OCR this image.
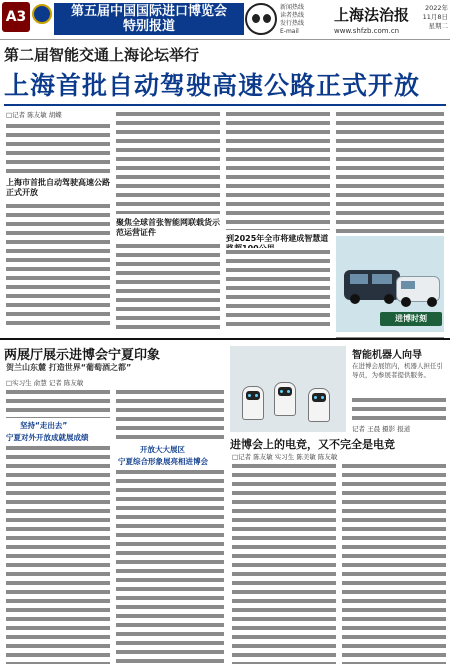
A3	第五届中国国际进口博览会
特别报道
新闻热线
读者热线
发行热线
E-mail
上海法治报
www.shfzb.com.cn
2022年
11月8日
星期二
第二届智能交通上海论坛举行
上海首批自动驾驶高速公路正式开放
□记者 陈友敏 胡蝶
上海市首批自动驾驶高速公路正式开放
聚焦全球首张智能网联载货示范运营证件
到2025年全市将建成智慧道
进博时刻
两展厅展示进博会宁夏印象
贺兰山东麓 打造世界“葡萄酒之都”
□实习生 俞慧 记者 陈友敏
坚持“走出去”
宁夏对外开放成就展成绩
开放大大展区
宁夏综合形象展亮相进博会
智能机器人向导
在进博会展馆内，机器人担任引导员，为参展者提供服务。
记者 王晨 摄影 报道
进博会上的电竞，又不完全是电竞
□记者 陈友敏 实习生 陈美敏 陈友敏
